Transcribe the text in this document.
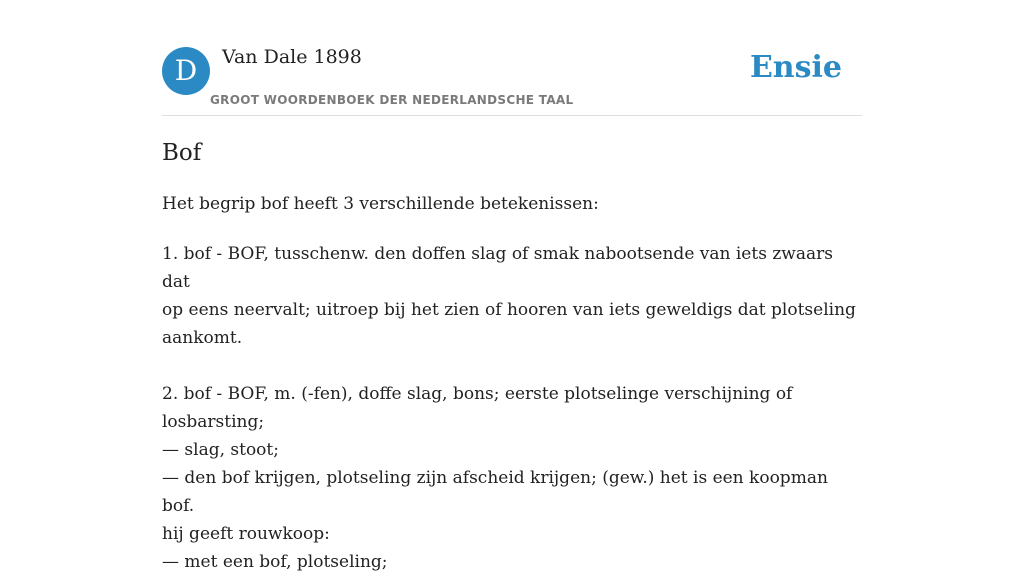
D	Van Dale 1898
GROOT WOORDENBOEK DER NEDERLANDSCHE TAAL
Ensie
Bof
Het begrip bof heeft 3 verschillende betekenissen:

1. bof - BOF, tusschenw. den doffen slag of smak nabootsende van iets zwaars dat

op eens neervalt; uitroep bij het zien of hooren van iets geweldigs dat plotseling

aankomt.

2. bof - BOF, m. (-fen), doffe slag, bons; eerste plotselinge verschijning of

losbarsting;

— slag, stoot;

— den bof krijgen, plotseling zijn afscheid krijgen; (gew.) het is een koopman bof.

hij geeft rouwkoop:

— met een bof, plotseling;
